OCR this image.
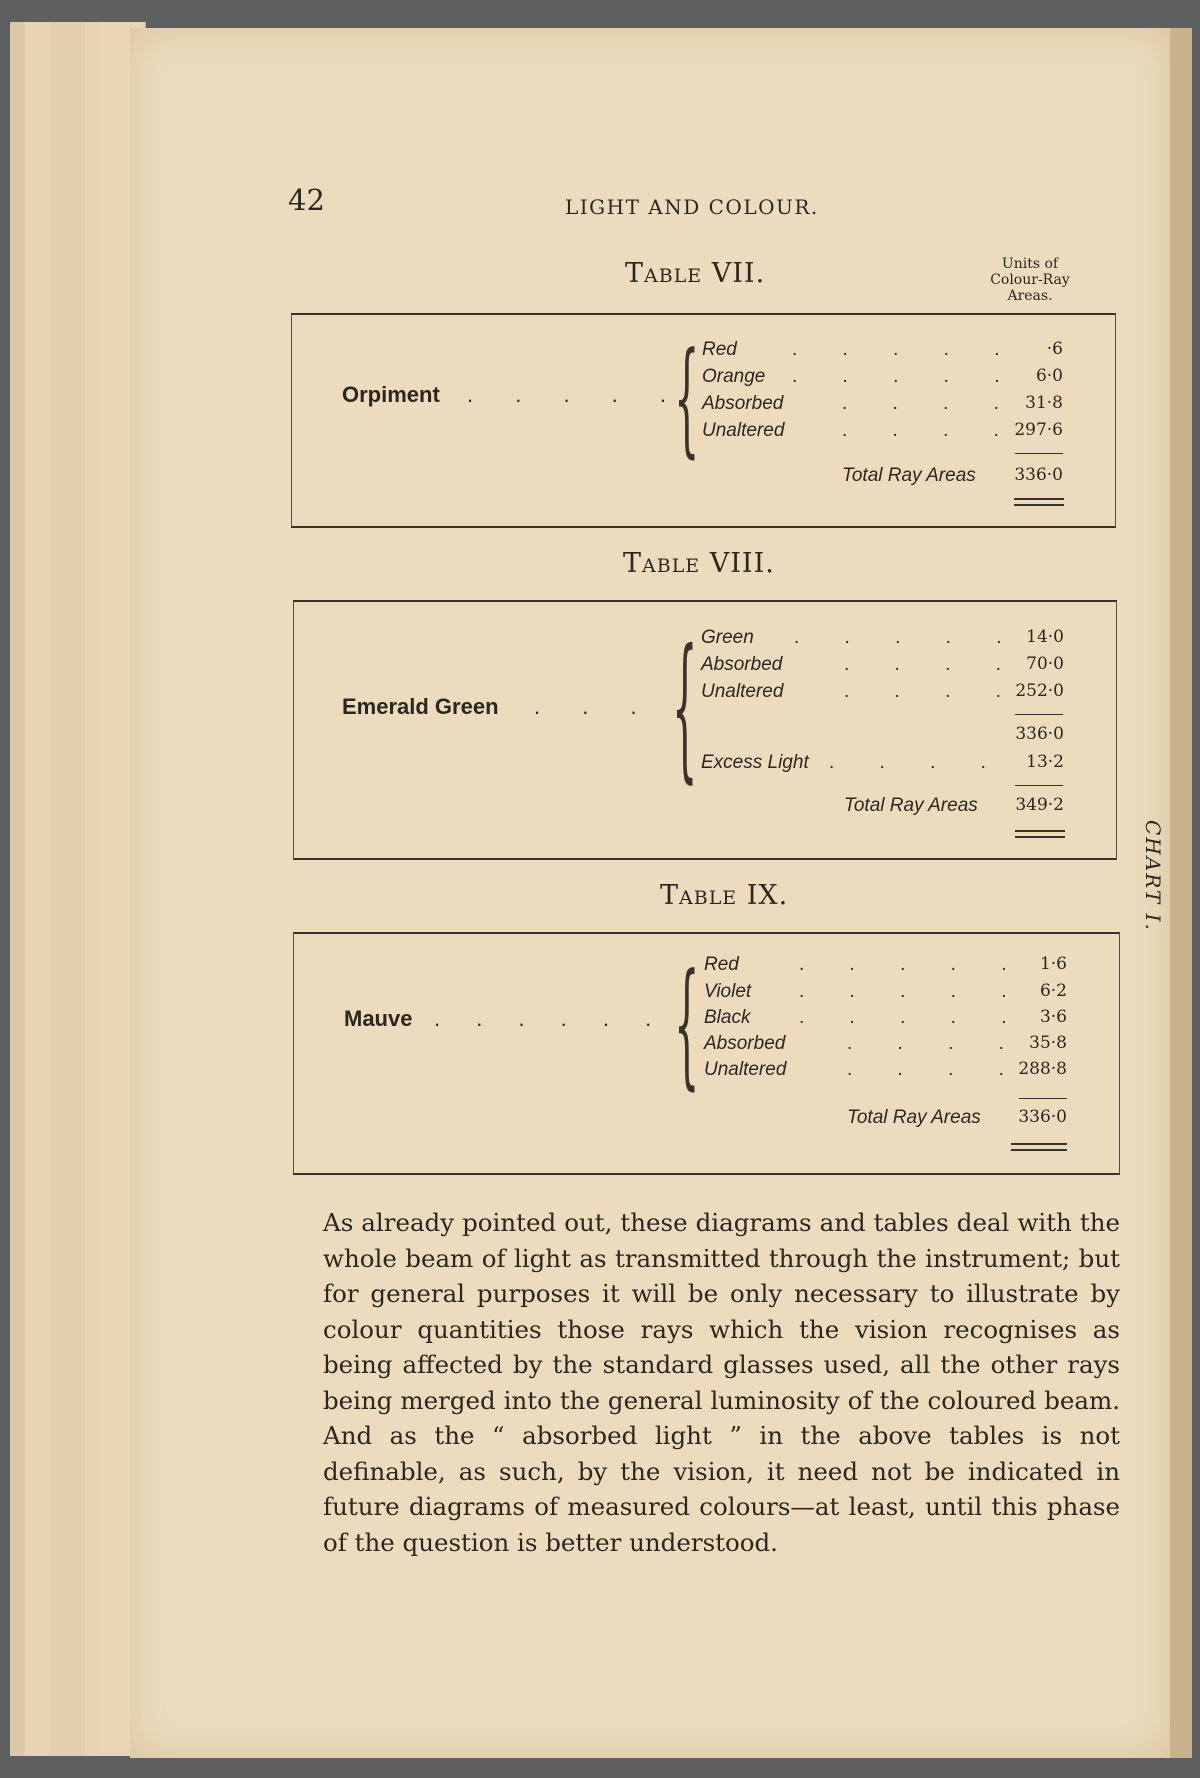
CHART I.
42	LIGHT AND COLOUR.
Table VII.	Units of
Colour-Ray
Areas.
Orpiment . . . . . { Red	. . . . .	·6
Orange . . . . . 6·0
Absorbed	. . . . 31·8
Unaltered	. . . . 297·6
Total Ray Areas 336·0
Table VIII.
Emerald Green . . . { Green . . . . . 14·0
Absorbed	. . . . 70·0
Unaltered	. . . . 252·0
336·0
Excess Light . . . . 13·2
Total Ray Areas 349·2
Table IX.
Mauve . . . . . . { Red	. . . . . 1·6
Violet	. . . . . 6·2
Black	. . . . . 3·6
Absorbed	. . . . 35·8
Unaltered	. . . . 288·8
Total Ray Areas 336·0

As already pointed out, these diagrams and tables deal with the whole beam of light as transmitted through the instrument; but for general purposes it will be only necessary to illustrate by colour quantities those rays which the vision recognises as being affected by the standard glasses used, all the other rays being merged into the general luminosity of the coloured beam. And as the “ absorbed light ” in the above tables is not definable, as such, by the vision, it need not be indicated in future diagrams of measured colours—at least, until this phase of the question is better understood.
